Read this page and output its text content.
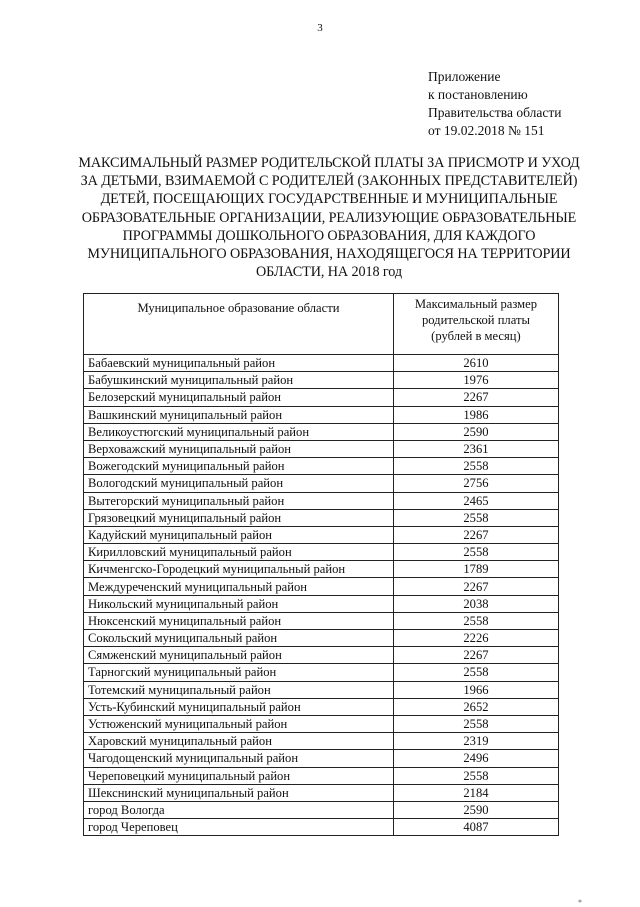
3
Приложение
к постановлению
Правительства области
от 19.02.2018 № 151
МАКСИМАЛЬНЫЙ РАЗМЕР РОДИТЕЛЬСКОЙ ПЛАТЫ ЗА ПРИСМОТР И УХОД
ЗА ДЕТЬМИ, ВЗИМАЕМОЙ С РОДИТЕЛЕЙ (ЗАКОННЫХ ПРЕДСТАВИТЕЛЕЙ)
ДЕТЕЙ, ПОСЕЩАЮЩИХ ГОСУДАРСТВЕННЫЕ И МУНИЦИПАЛЬНЫЕ
ОБРАЗОВАТЕЛЬНЫЕ ОРГАНИЗАЦИИ, РЕАЛИЗУЮЩИЕ ОБРАЗОВАТЕЛЬНЫЕ
ПРОГРАММЫ ДОШКОЛЬНОГО ОБРАЗОВАНИЯ, ДЛЯ КАЖДОГО
МУНИЦИПАЛЬНОГО ОБРАЗОВАНИЯ, НАХОДЯЩЕГОСЯ НА ТЕРРИТОРИИ
ОБЛАСТИ, НА 2018 год
Муниципальное образование области	Максимальный размер
родительской платы
(рублей в месяц)

Бабаевский муниципальный район	2610
Бабушкинский муниципальный район	1976
Белозерский муниципальный район	2267
Вашкинский муниципальный район	1986
Великоустюгский муниципальный район	2590
Верховажский муниципальный район	2361
Вожегодский муниципальный район	2558
Вологодский муниципальный район	2756
Вытегорский муниципальный район	2465
Грязовецкий муниципальный район	2558
Кадуйский муниципальный район	2267
Кирилловский муниципальный район	2558
Кичменгско-Городецкий муниципальный район	1789
Междуреченский муниципальный район	2267
Никольский муниципальный район	2038
Нюксенский муниципальный район	2558
Сокольский муниципальный район	2226
Сямженский муниципальный район	2267
Тарногский муниципальный район	2558
Тотемский муниципальный район	1966
Усть-Кубинский муниципальный район	2652
Устюженский муниципальный район	2558
Харовский муниципальный район	2319
Чагодощенский муниципальный район	2496
Череповецкий муниципальный район	2558
Шекснинский муниципальный район	2184
город Вологда	2590
город Череповец	4087
*
